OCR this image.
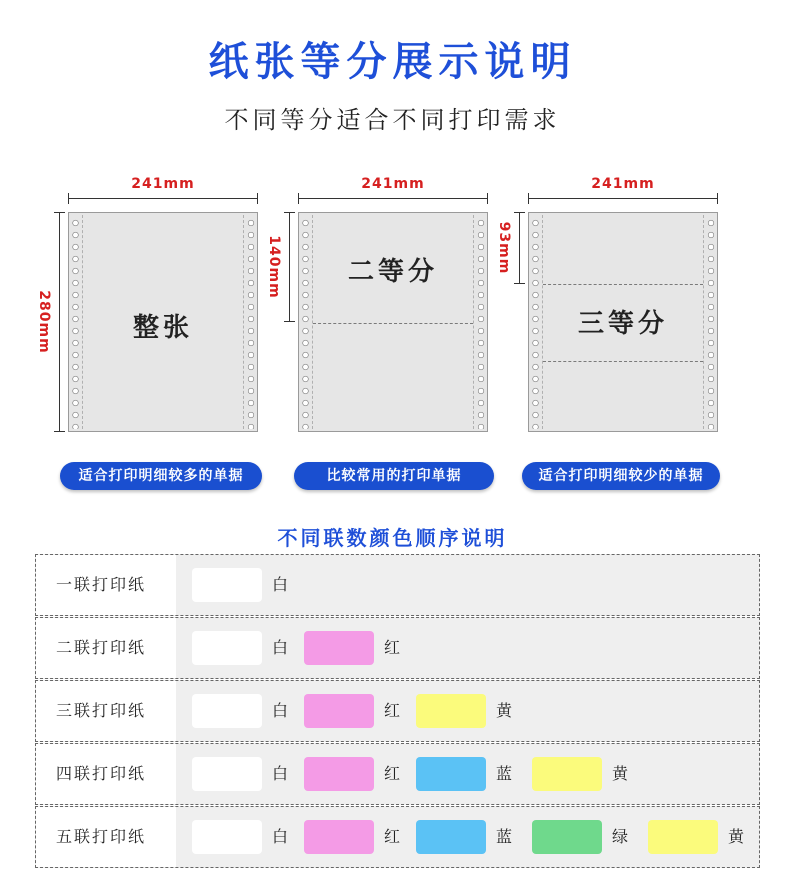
纸张等分展示说明
不同等分适合不同打印需求
241mm
280mm	整张
适合打印明细较多的单据
241mm
140mm	二等分
比较常用的打印单据
241mm
93mm
三等分
适合打印明细较少的单据
不同联数颜色顺序说明
一联打印纸	白
二联打印纸	白	红
三联打印纸	白	红	黄
四联打印纸	白	红	蓝	黄
五联打印纸	白	红	蓝	绿	黄
